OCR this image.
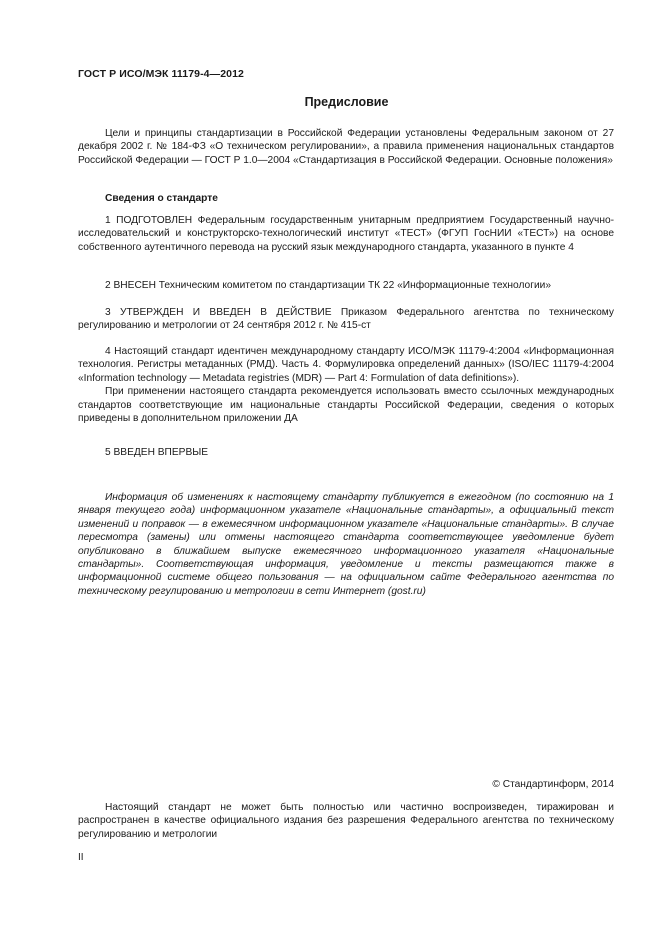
ГОСТ Р ИСО/МЭК 11179-4—2012
Предисловие

Цели и принципы стандартизации в Российской Федерации установлены Федеральным законом от 27 декабря 2002 г. № 184-ФЗ «О техническом регулировании», а правила применения национальных стандартов Российской Федерации — ГОСТ Р 1.0—2004 «Стандартизация в Российской Федерации. Основные положения»

Сведения о стандарте

1 ПОДГОТОВЛЕН Федеральным государственным унитарным предприятием Государственный научно-исследовательский и конструкторско-технологический институт «ТЕСТ» (ФГУП ГосНИИ «ТЕСТ») на основе собственного аутентичного перевода на русский язык международного стандарта, указанного в пункте 4

2 ВНЕСЕН Техническим комитетом по стандартизации ТК 22 «Информационные технологии»

3 УТВЕРЖДЕН И ВВЕДЕН В ДЕЙСТВИЕ Приказом Федерального агентства по техническому регулированию и метрологии от 24 сентября 2012 г. № 415-ст

4 Настоящий стандарт идентичен международному стандарту ИСО/МЭК 11179-4:2004 «Информационная технология. Регистры метаданных (РМД). Часть 4. Формулировка определений данных» (ISO/IEC 11179-4:2004 «Information technology — Metadata registries (MDR) — Part 4: Formulation of data definitions»).

При применении настоящего стандарта рекомендуется использовать вместо ссылочных международных стандартов соответствующие им национальные стандарты Российской Федерации, сведения о которых приведены в дополнительном приложении ДА

5 ВВЕДЕН ВПЕРВЫЕ

Информация об изменениях к настоящему стандарту публикуется в ежегодном (по состоянию на 1 января текущего года) информационном указателе «Национальные стандарты», а официальный текст изменений и поправок — в ежемесячном информационном указателе «Национальные стандарты». В случае пересмотра (замены) или отмены настоящего стандарта соответствующее уведомление будет опубликовано в ближайшем выпуске ежемесячного информационного указателя «Национальные стандарты». Соответствующая информация, уведомление и тексты размещаются также в информационной системе общего пользования — на официальном сайте Федерального агентства по техническому регулированию и метрологии в сети Интернет (gost.ru)

© Стандартинформ, 2014

Настоящий стандарт не может быть полностью или частично воспроизведен, тиражирован и распространен в качестве официального издания без разрешения Федерального агентства по техническому регулированию и метрологии

II
